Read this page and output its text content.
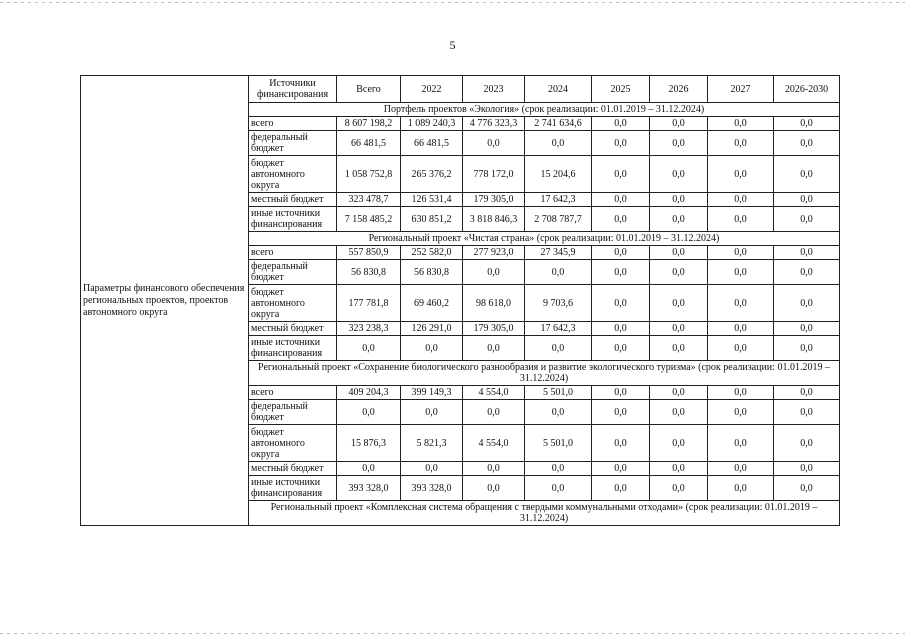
5
Параметры финансового обеспечения региональных проектов, проектов автономного округа	Источники финансирования	Всего	2022	2023	2024	2025	2026	2027	2026-2030
	Портфель проектов «Экология» (срок реализации: 01.01.2019 – 31.12.2024)								
	всего	8 607 198,2	1 089 240,3	4 776 323,3	2 741 634,6	0,0	0,0	0,0	0,0
	федеральный бюджет	66 481,5	66 481,5	0,0	0,0	0,0	0,0	0,0	0,0
	бюджет автономного округа	1 058 752,8	265 376,2	778 172,0	15 204,6	0,0	0,0	0,0	0,0
	местный бюджет	323 478,7	126 531,4	179 305,0	17 642,3	0,0	0,0	0,0	0,0
	иные источники финансирования	7 158 485,2	630 851,2	3 818 846,3	2 708 787,7	0,0	0,0	0,0	0,0
	Региональный проект «Чистая страна» (срок реализации: 01.01.2019 – 31.12.2024)								
	всего	557 850,9	252 582,0	277 923,0	27 345,9	0,0	0,0	0,0	0,0
	федеральный бюджет	56 830,8	56 830,8	0,0	0,0	0,0	0,0	0,0	0,0
	бюджет автономного округа	177 781,8	69 460,2	98 618,0	9 703,6	0,0	0,0	0,0	0,0
	местный бюджет	323 238,3	126 291,0	179 305,0	17 642,3	0,0	0,0	0,0	0,0
	иные источники финансирования	0,0	0,0	0,0	0,0	0,0	0,0	0,0	0,0
	Региональный проект «Сохранение биологического разнообразия и развитие экологического туризма» (срок реализации: 01.01.2019 – 31.12.2024)								
	всего	409 204,3	399 149,3	4 554,0	5 501,0	0,0	0,0	0,0	0,0
	федеральный бюджет	0,0	0,0	0,0	0,0	0,0	0,0	0,0	0,0
	бюджет автономного округа	15 876,3	5 821,3	4 554,0	5 501,0	0,0	0,0	0,0	0,0
	местный бюджет	0,0	0,0	0,0	0,0	0,0	0,0	0,0	0,0
	иные источники финансирования	393 328,0	393 328,0	0,0	0,0	0,0	0,0	0,0	0,0
	Региональный проект «Комплексная система обращения с твердыми коммунальными отходами» (срок реализации: 01.01.2019 – 31.12.2024)								
